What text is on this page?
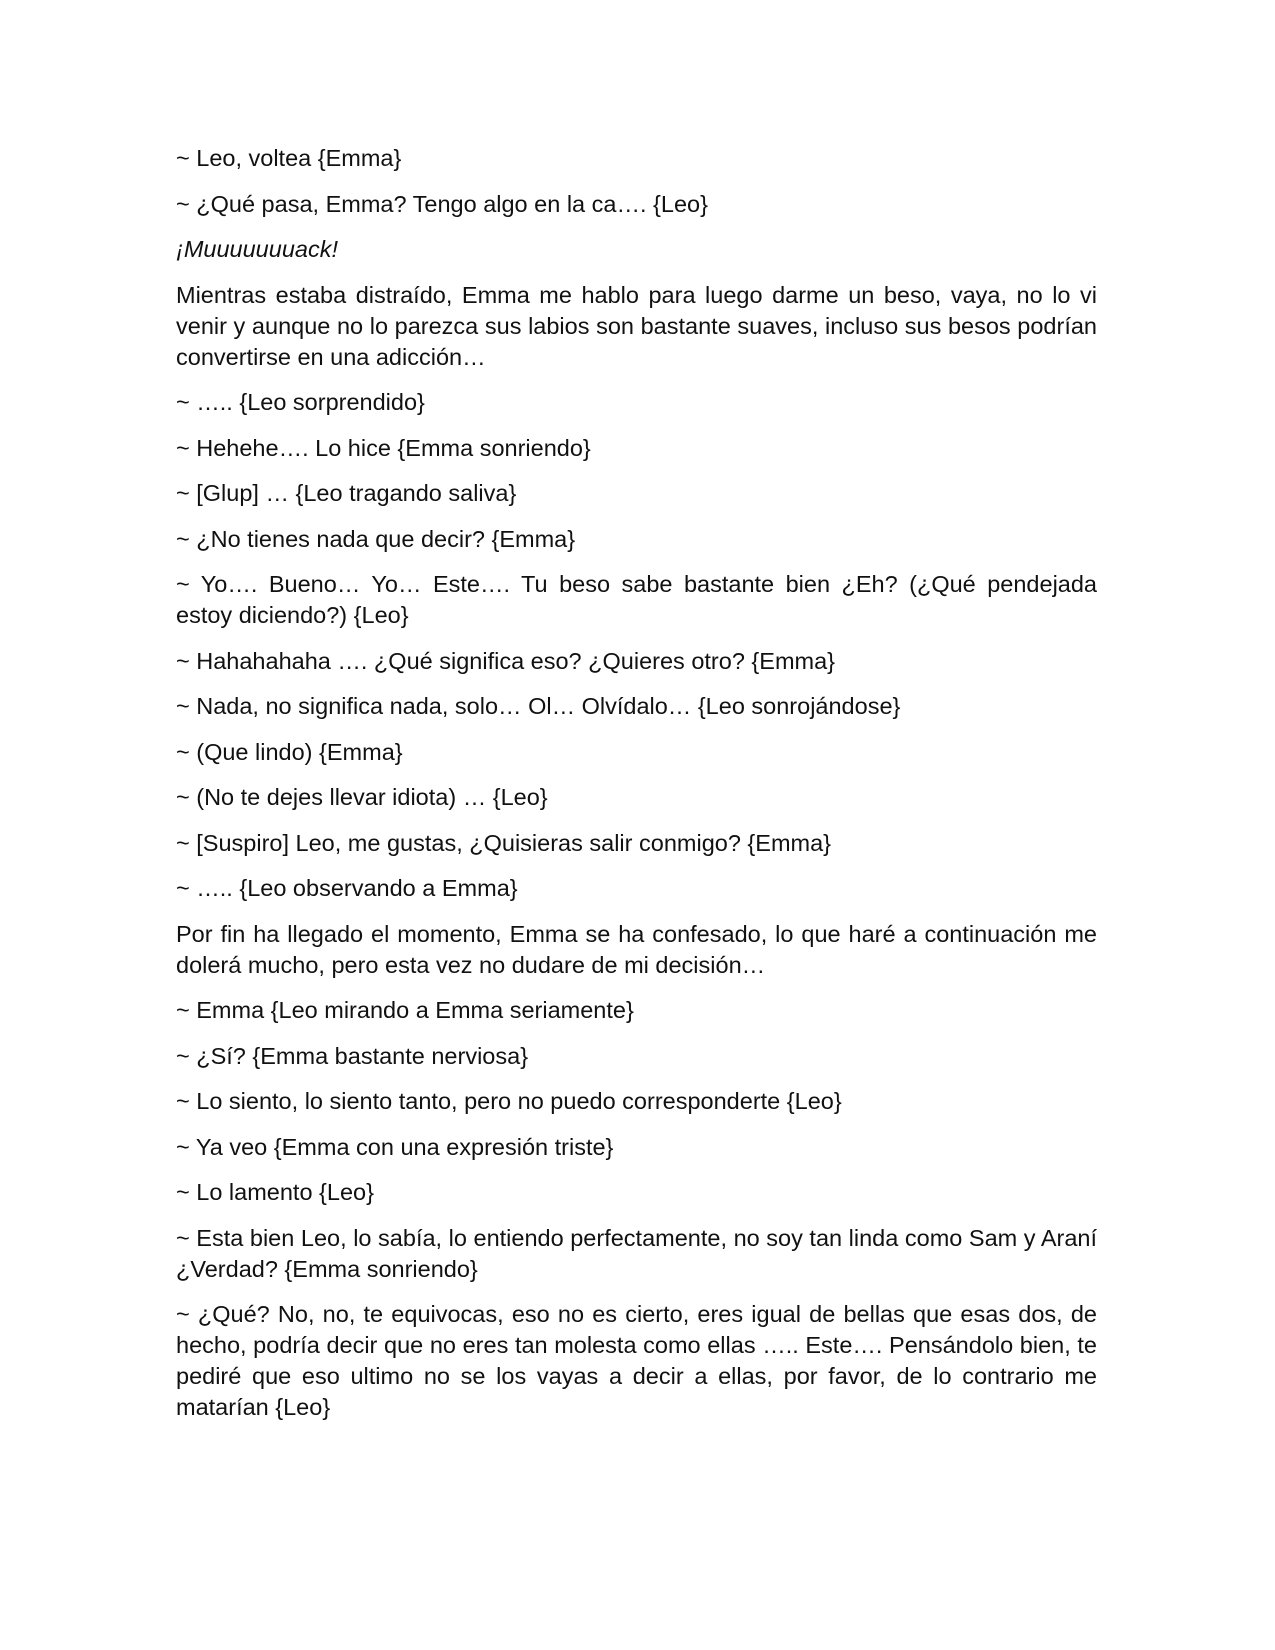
~ Leo, voltea {Emma}

~ ¿Qué pasa, Emma? Tengo algo en la ca…. {Leo}

¡Muuuuuuuack!

Mientras estaba distraído, Emma me hablo para luego darme un beso, vaya, no lo vi venir y aunque no lo parezca sus labios son bastante suaves, incluso sus besos podrían convertirse en una adicción…

~ ….. {Leo sorprendido}

~ Hehehe…. Lo hice {Emma sonriendo}

~ [Glup] … {Leo tragando saliva}

~ ¿No tienes nada que decir? {Emma}

~ Yo…. Bueno… Yo… Este…. Tu beso sabe bastante bien ¿Eh? (¿Qué pendejada estoy diciendo?) {Leo}

~ Hahahahaha …. ¿Qué significa eso? ¿Quieres otro? {Emma}

~ Nada, no significa nada, solo… Ol… Olvídalo… {Leo sonrojándose}

~ (Que lindo) {Emma}

~ (No te dejes llevar idiota) … {Leo}

~ [Suspiro] Leo, me gustas, ¿Quisieras salir conmigo? {Emma}

~ ….. {Leo observando a Emma}

Por fin ha llegado el momento, Emma se ha confesado, lo que haré a continuación me dolerá mucho, pero esta vez no dudare de mi decisión…

~ Emma {Leo mirando a Emma seriamente}

~ ¿Sí? {Emma bastante nerviosa}

~ Lo siento, lo siento tanto, pero no puedo corresponderte {Leo}

~ Ya veo {Emma con una expresión triste}

~ Lo lamento {Leo}

~ Esta bien Leo, lo sabía, lo entiendo perfectamente, no soy tan linda como Sam y Araní ¿Verdad? {Emma sonriendo}

~ ¿Qué? No, no, te equivocas, eso no es cierto, eres igual de bellas que esas dos, de hecho, podría decir que no eres tan molesta como ellas ….. Este…. Pensándolo bien, te pediré que eso ultimo no se los vayas a decir a ellas, por favor, de lo contrario me matarían {Leo}
